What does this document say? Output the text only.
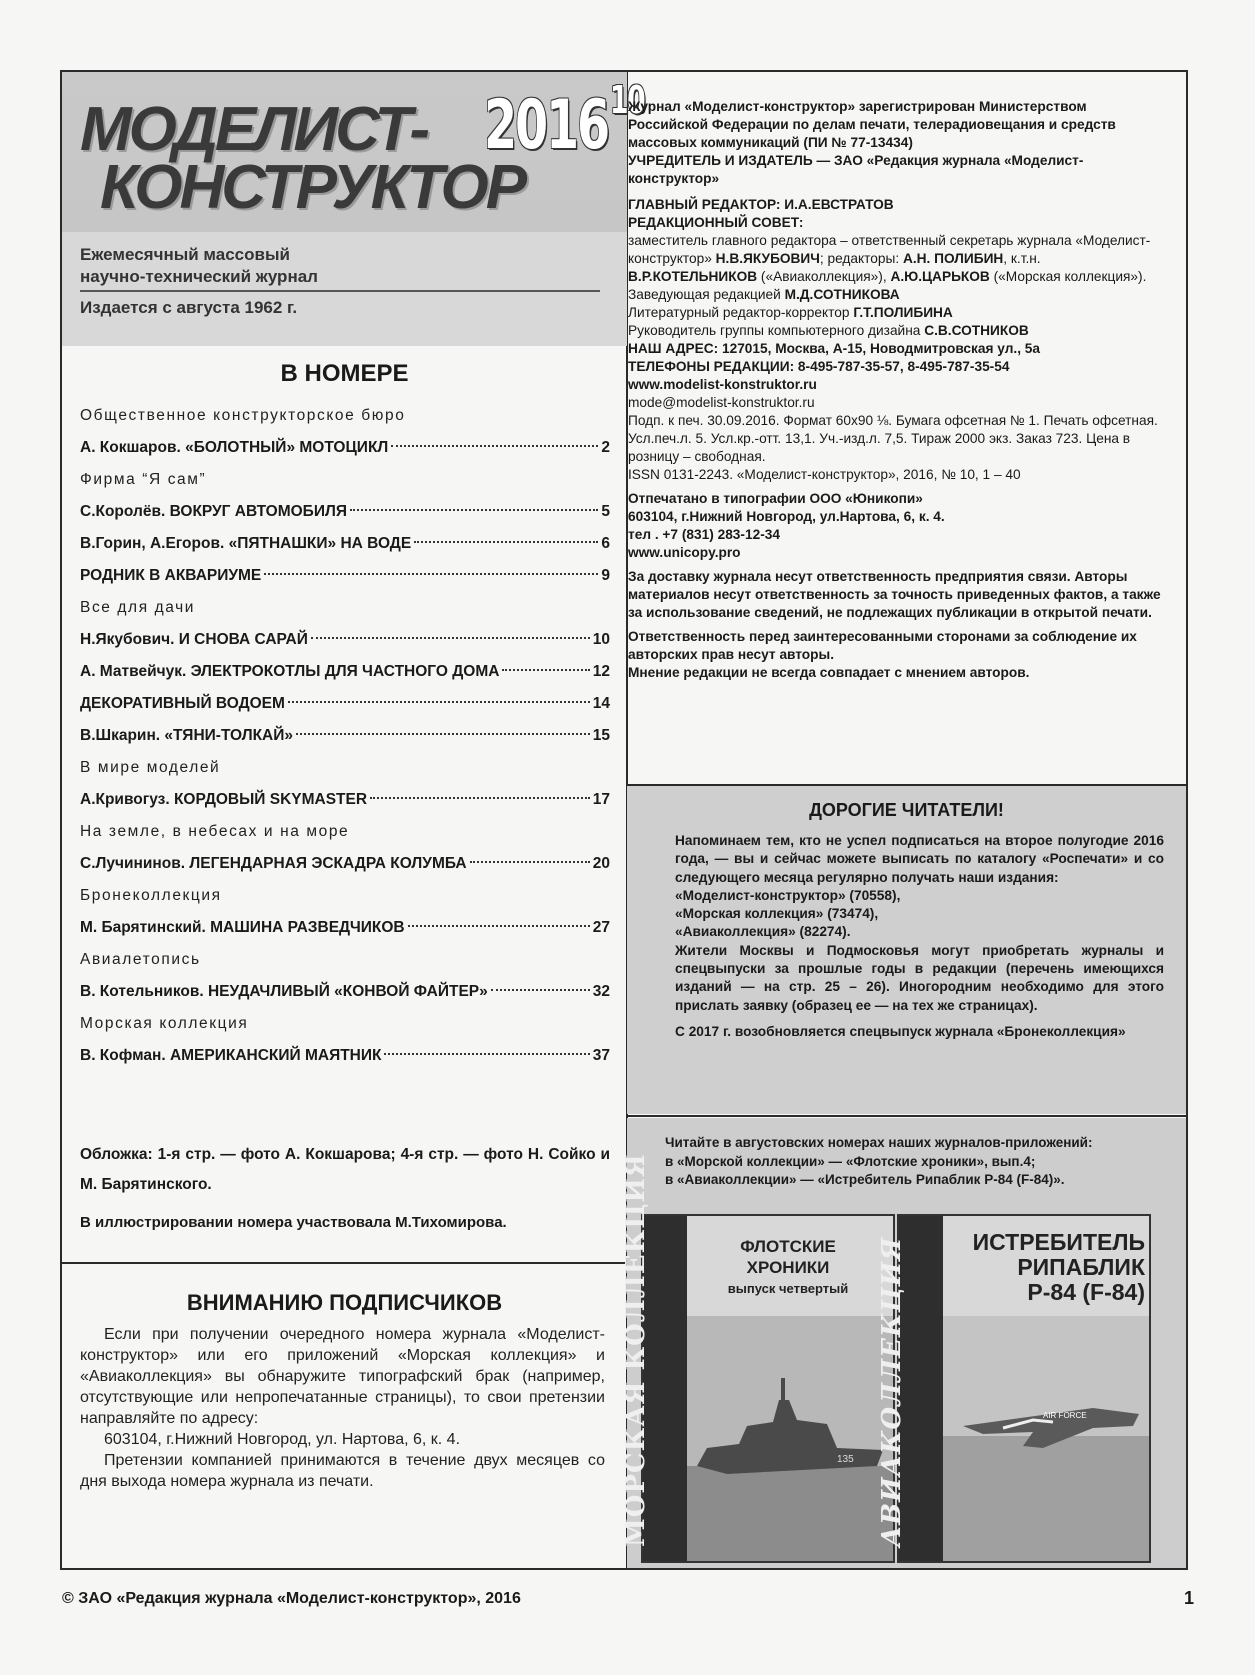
МОДЕЛИСТ-
КОНСТРУКТОР
2016 10
Ежемесячный массовый
научно-технический журнал
Издается с августа 1962 г.
В НОМЕРЕ
Общественное конструкторское бюро
А. Кокшаров. «БОЛОТНЫЙ» МОТОЦИКЛ	2
Фирма “Я сам”
С.Королёв. ВОКРУГ АВТОМОБИЛЯ	5
В.Горин, А.Егоров. «ПЯТНАШКИ» НА ВОДЕ	6
РОДНИК В АКВАРИУМЕ	9
Все для дачи
Н.Якубович. И СНОВА САРАЙ	10
А. Матвейчук. ЭЛЕКТРОКОТЛЫ ДЛЯ ЧАСТНОГО ДОМА	12
ДЕКОРАТИВНЫЙ ВОДОЕМ	14
В.Шкарин. «ТЯНИ-ТОЛКАЙ»	15
В мире моделей
А.Кривогуз. КОРДОВЫЙ SKYMASTER	17
На земле, в небесах и на море
С.Лучининов. ЛЕГЕНДАРНАЯ ЭСКАДРА КОЛУМБА	20
Бронеколлекция
М. Барятинский. МАШИНА РАЗВЕДЧИКОВ	27
Авиалетопись
В. Котельников. НЕУДАЧЛИВЫЙ «КОНВОЙ ФАЙТЕР»	32
Морская коллекция
В. Кофман. АМЕРИКАНСКИЙ МАЯТНИК	37
Обложка: 1-я стр. — фото А. Кокшарова; 4-я стр. — фото Н. Сойко и М. Барятинского.
В иллюстрировании номера участвовала М.Тихомирова.
ВНИМАНИЮ ПОДПИСЧИКОВ

Если при получении очередного номера журнала «Моделист-конструктор» или его приложений «Морская коллекция» и «Авиаколлекция» вы обнаружите типографский брак (например, отсутствующие или непропечатанные страницы), то свои претензии направляйте по адресу:

603104, г.Нижний Новгород, ул. Нартова, 6, к. 4.

Претензии компанией принимаются в течение двух месяцев со дня выхода номера журнала из печати.

Журнал «Моделист-конструктор» зарегистрирован Министерством Российской Федерации по делам печати, телерадиовещания и средств массовых коммуникаций (ПИ № 77-13434)
УЧРЕДИТЕЛЬ И ИЗДАТЕЛЬ — ЗАО «Редакция журнала «Моделист-конструктор»
ГЛАВНЫЙ РЕДАКТОР: И.А.ЕВСТРАТОВ
РЕДАКЦИОННЫЙ СОВЕТ:
заместитель главного редактора – ответственный секретарь журнала «Моделист-конструктор» Н.В.ЯКУБОВИЧ; редакторы: А.Н. ПОЛИБИН, к.т.н. В.Р.КОТЕЛЬНИКОВ («Авиаколлекция»), А.Ю.ЦАРЬКОВ («Морская коллекция»).
Заведующая редакцией М.Д.СОТНИКОВА
Литературный редактор-корректор Г.Т.ПОЛИБИНА
Руководитель группы компьютерного дизайна С.В.СОТНИКОВ
НАШ АДРЕС: 127015, Москва, А-15, Новодмитровская ул., 5а
ТЕЛЕФОНЫ РЕДАКЦИИ: 8-495-787-35-57, 8-495-787-35-54
www.modelist-konstruktor.ru
mode@modelist-konstruktor.ru
Подп. к печ. 30.09.2016. Формат 60х90 ⅛. Бумага офсетная № 1. Печать офсетная. Усл.печ.л. 5. Усл.кр.-отт. 13,1. Уч.-изд.л. 7,5. Тираж 2000 экз. Заказ 723. Цена в розницу – свободная.
ISSN 0131-2243. «Моделист-конструктор», 2016, № 10, 1 – 40
Отпечатано в типографии ООО «Юникопи»
603104, г.Нижний Новгород, ул.Нартова, 6, к. 4.
тел . +7 (831) 283-12-34
www.unicopy.pro
За доставку журнала несут ответственность предприятия связи. Авторы материалов несут ответственность за точность приведенных фактов, а также за использование сведений, не подлежащих публикации в открытой печати.
Ответственность перед заинтересованными сторонами за соблюдение их авторских прав несут авторы.
Мнение редакции не всегда совпадает с мнением авторов.
ДОРОГИЕ ЧИТАТЕЛИ!
Напоминаем тем, кто не успел подписаться на второе полугодие 2016 года, — вы и сейчас можете выписать по каталогу «Роспечати» и со следующего месяца регулярно получать наши издания:
«Моделист-конструктор» (70558),
«Морская коллекция» (73474),
«Авиаколлекция» (82274).
Жители Москвы и Подмосковья могут приобретать журналы и спецвыпуски за прошлые годы в редакции (перечень имеющихся изданий — на стр. 25 – 26). Иногородним необходимо для этого прислать заявку (образец ее — на тех же страницах).
С 2017 г. возобновляется спецвыпуск журнала «Бронеколлекция»
Читайте в августовских номерах наших журналов-приложений:
в «Морской коллекции» — «Флотские хроники», вып.4;
в «Авиаколлекции» — «Истребитель Рипаблик Р-84 (F-84)».
МОРСКАЯ КОЛЛЕКЦИЯ	ФЛОТСКИЕ
ХРОНИКИ
выпуск четвертый
135 АВИАКОЛЛЕКЦИЯ	ИСТРЕБИТЕЛЬ
РИПАБЛИК
Р-84 (F-84)
AIR FORCE
© ЗАО «Редакция журнала «Моделист-конструктор», 2016	1
